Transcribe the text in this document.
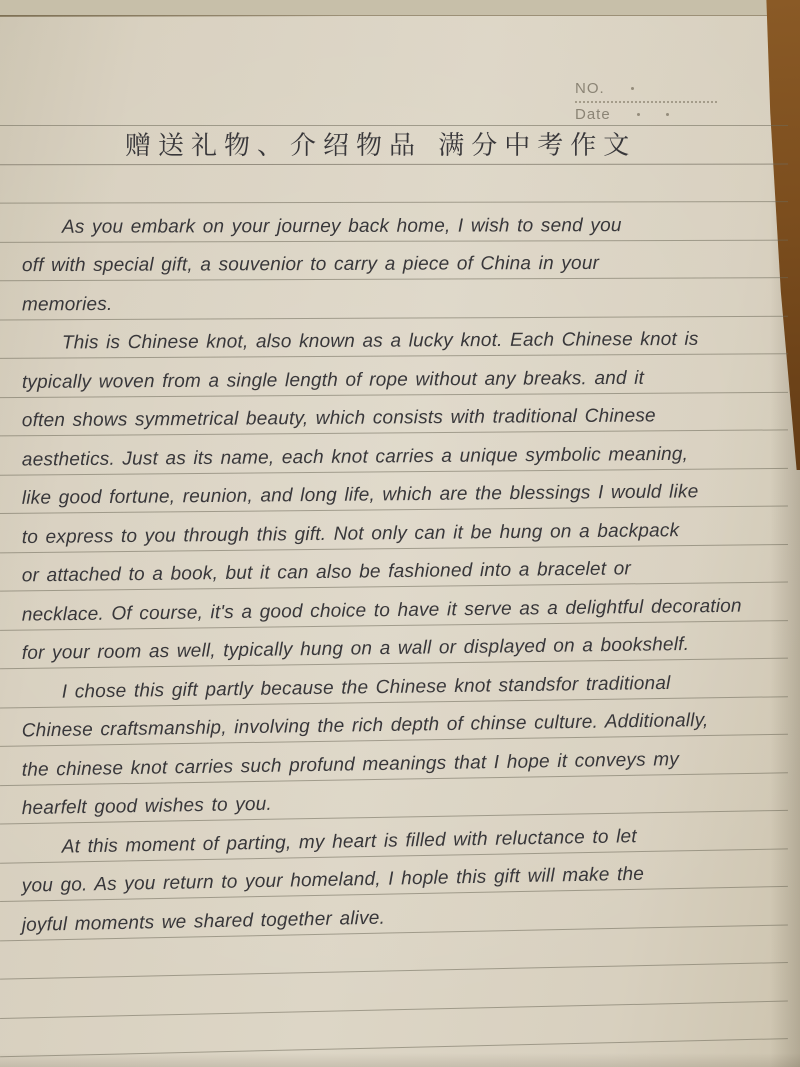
NO.
Date
赠送礼物、介绍物品 满分中考作文
As you embark on your journey back home, I wish to send you
off with special gift, a souvenior to carry a piece of China in your
memories.
This is Chinese knot, also known as a lucky knot. Each Chinese knot is
typically woven from a single length of rope without any breaks. and it
often shows symmetrical beauty, which consists with traditional Chinese
aesthetics. Just as its name, each knot carries a unique symbolic meaning,
like good fortune, reunion, and long life, which are the blessings I would like
to express to you through this gift. Not only can it be hung on a backpack
or attached to a book, but it can also be fashioned into a bracelet or
necklace. Of course, it's a good choice to have it serve as a delightful decoration
for your room as well, typically hung on a wall or displayed on a bookshelf.
I chose this gift partly because the Chinese knot standsfor traditional
Chinese craftsmanship, involving the rich depth of chinse culture. Additionally,
the chinese knot carries such profund meanings that I hope it conveys my
hearfelt good wishes to you.
At this moment of parting, my heart is filled with reluctance to let
you go. As you return to your homeland, I hople this gift will make the
joyful moments we shared together alive.
